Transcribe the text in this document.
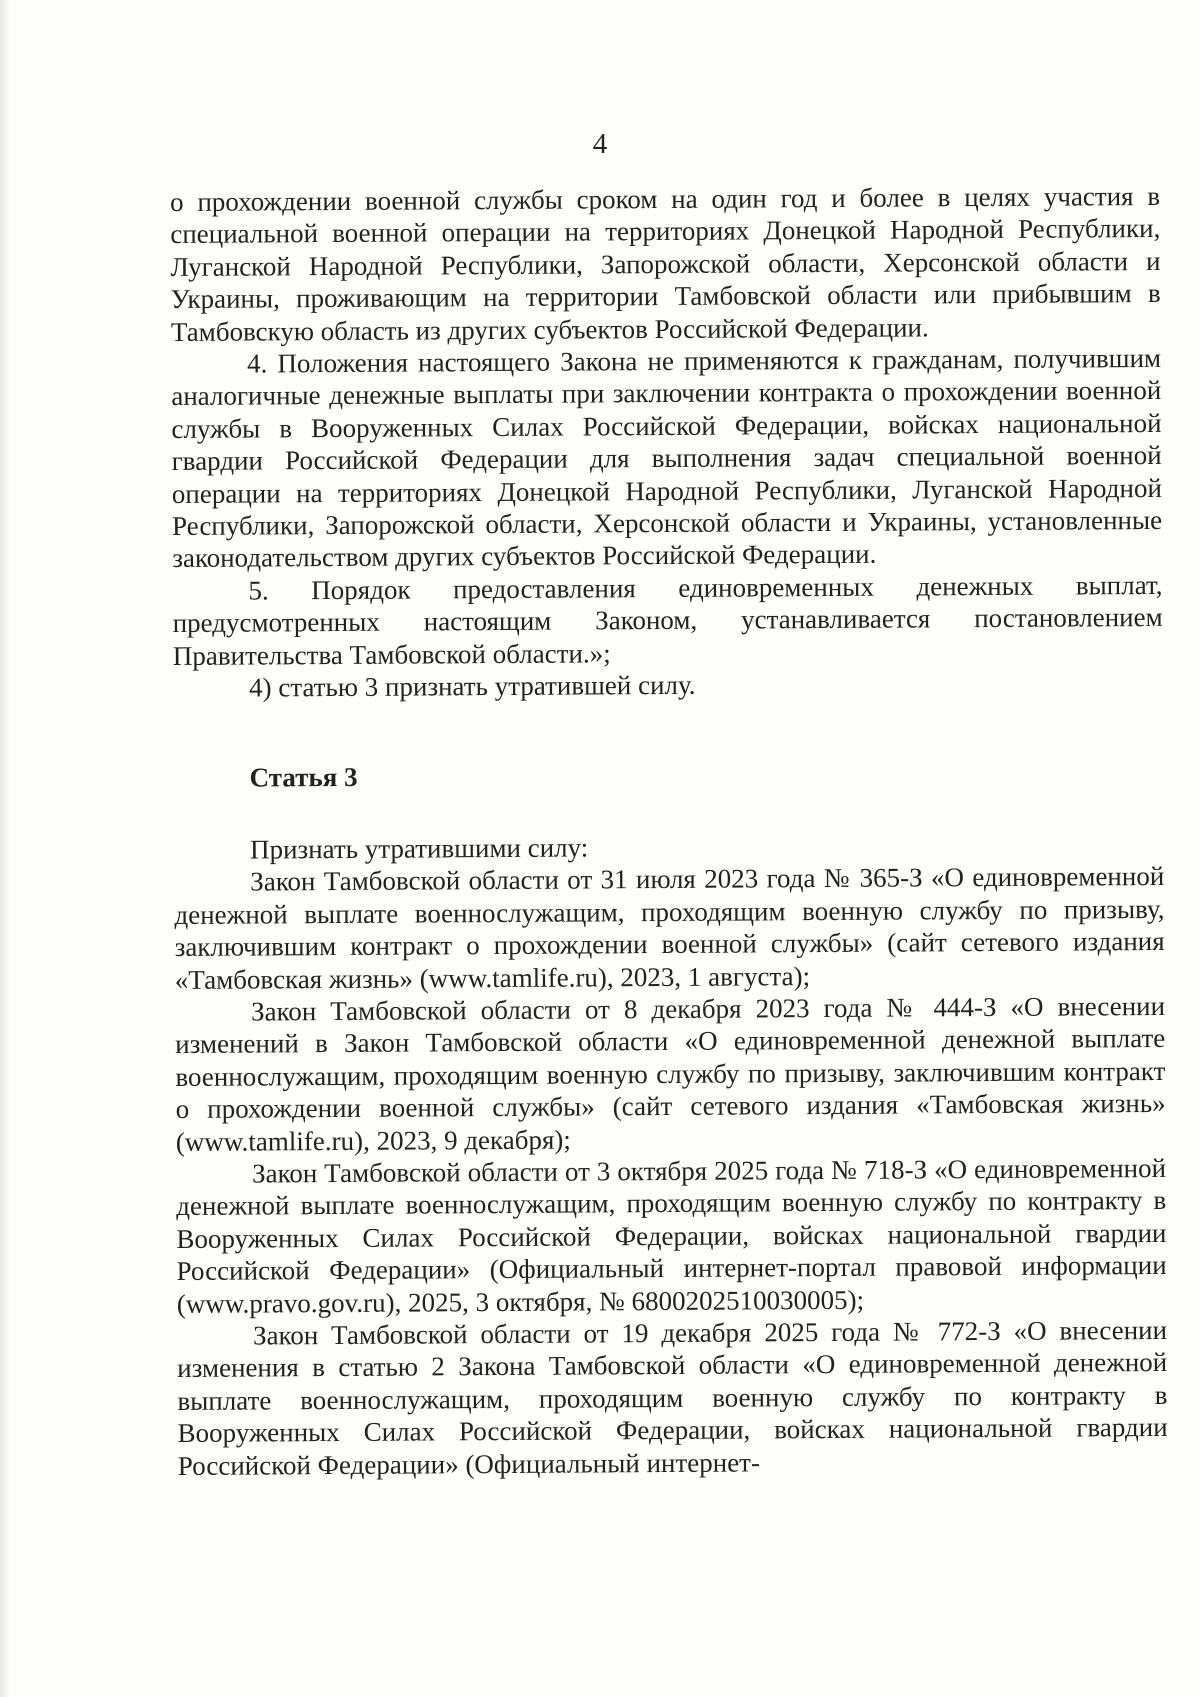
4

о прохождении военной службы сроком на один год и более в целях участия в специальной военной операции на территориях Донецкой Народной Республики, Луганской Народной Республики, Запорожской области, Херсонской области и Украины, проживающим на территории Тамбовской области или прибывшим в Тамбовскую область из других субъектов Российской Федерации.

4. Положения настоящего Закона не применяются к гражданам, получившим аналогичные денежные выплаты при заключении контракта о прохождении военной службы в Вооруженных Силах Российской Федерации, войсках национальной гвардии Российской Федерации для выполнения задач специальной военной операции на территориях Донецкой Народной Республики, Луганской Народной Республики, Запорожской области, Херсонской области и Украины, установленные законодательством других субъектов Российской Федерации.

5. Порядок предоставления единовременных денежных выплат, предусмотренных настоящим Законом, устанавливается постановлением Правительства Тамбовской области.»;

4) статью 3 признать утратившей силу.

Статья 3

Признать утратившими силу:

Закон Тамбовской области от 31 июля 2023 года № 365-З «О единовременной денежной выплате военнослужащим, проходящим военную службу по призыву, заключившим контракт о прохождении военной службы» (сайт сетевого издания «Тамбовская жизнь» (www.tamlife.ru), 2023, 1 августа);

Закон Тамбовской области от 8 декабря 2023 года № 444-З «О внесении изменений в Закон Тамбовской области «О единовременной денежной выплате военнослужащим, проходящим военную службу по призыву, заключившим контракт о прохождении военной службы» (сайт сетевого издания «Тамбовская жизнь» (www.tamlife.ru), 2023, 9 декабря);

Закон Тамбовской области от 3 октября 2025 года № 718-З «О единовременной денежной выплате военнослужащим, проходящим военную службу по контракту в Вооруженных Силах Российской Федерации, войсках национальной гвардии Российской Федерации» (Официальный интернет-портал правовой информации (www.pravo.gov.ru), 2025, 3 октября, № 6800202510030005);

Закон Тамбовской области от 19 декабря 2025 года № 772-З «О внесении изменения в статью 2 Закона Тамбовской области «О единовременной денежной выплате военнослужащим, проходящим военную службу по контракту в Вооруженных Силах Российской Федерации, войсках национальной гвардии Российской Федерации» (Официальный интернет-
